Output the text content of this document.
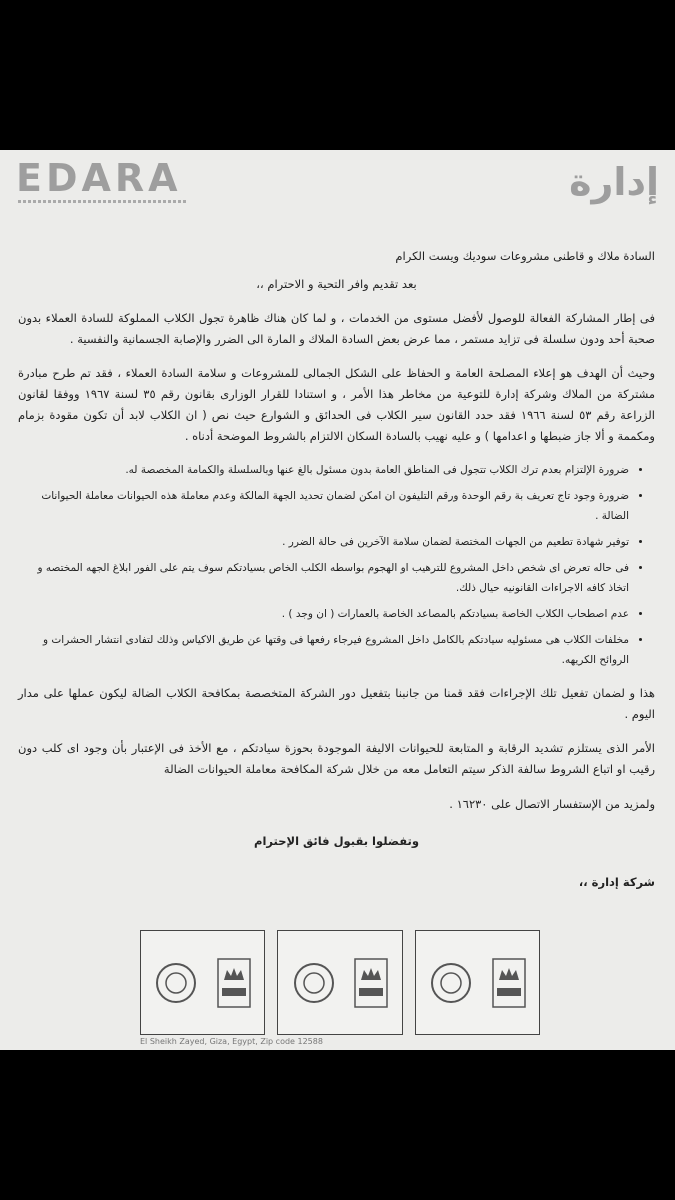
EDARA	إدارة

السادة ملاك و قاطنى مشروعات سوديك ويست الكرام

بعد تقديم وافر التحية و الاحترام ،،

فى إطار المشاركة الفعالة للوصول لأفضل مستوى من الخدمات ، و لما كان هناك ظاهرة تجول الكلاب المملوكة للسادة العملاء بدون صحبة أحد ودون سلسلة فى تزايد مستمر ، مما عرض بعض السادة الملاك و المارة الى الضرر والإصابة الجسمانية والنفسية .

وحيث أن الهدف هو إعلاء المصلحة العامة و الحفاظ على الشكل الجمالى للمشروعات و سلامة السادة العملاء ، فقد تم طرح مبادرة مشتركة من الملاك وشركة إدارة للتوعية من مخاطر هذا الأمر ، و استنادا للقرار الوزارى بقانون رقم ٣٥ لسنة ١٩٦٧ ووفقا لقانون الزراعة رقم ٥٣ لسنة ١٩٦٦ فقد حدد القانون سير الكلاب فى الحدائق و الشوارع حيث نص ( ان الكلاب لابد أن تكون مقودة بزمام ومكممة و ألا جاز ضبطها و اعدامها ) و عليه نهيب بالسادة السكان الالتزام بالشروط الموضحة أدناه .

• ضرورة الإلتزام بعدم ترك الكلاب تتجول فى المناطق العامة بدون مسئول بالغ عنها وبالسلسلة والكمامة المخصصة له.
• ضرورة وجود تاج تعريف بة رقم الوحدة ورقم التليفون ان امكن لضمان تحديد الجهة المالكة وعدم معاملة هذه الحيوانات معاملة الحيوانات الضالة .
• توفير شهادة تطعيم من الجهات المختصة لضمان سلامة الآخرين فى حالة الضرر .
• فى حاله تعرض اى شخص داخل المشروع للترهيب او الهجوم بواسطه الكلب الخاص بسيادتكم سوف يتم على الفور ابلاغ الجهه المختصه و اتخاذ كافه الاجراءات القانونيه حيال ذلك.
• عدم اصطحاب الكلاب الخاصة بسيادتكم بالمصاعد الخاصة بالعمارات ( ان وجد ) .
• مخلفات الكلاب هى مسئوليه سيادتكم بالكامل داخل المشروع فيرجاء رفعها فى وقتها عن طريق الاكياس وذلك لتفادى انتشار الحشرات و الروائح الكريهه.

هذا و لضمان تفعيل تلك الإجراءات فقد قمنا من جانبنا بتفعيل دور الشركة المتخصصة بمكافحة الكلاب الضالة ليكون عملها على مدار اليوم .

الأمر الذى يستلزم تشديد الرقابة و المتابعة للحيوانات الاليفة الموجودة بحوزة سيادتكم ، مع الأخذ فى الإعتبار بأن وجود اى كلب دون رقيب او اتباع الشروط سالفة الذكر سيتم التعامل معه من خلال شركة المكافحة معاملة الحيوانات الضالة

ولمزيد من الإستفسار الاتصال على ١٦٢٣٠ .

وتفضلوا بقبول فائق الإحترام

شركة إدارة ،،

El Sheikh Zayed, Giza, Egypt, Zip code 12588
